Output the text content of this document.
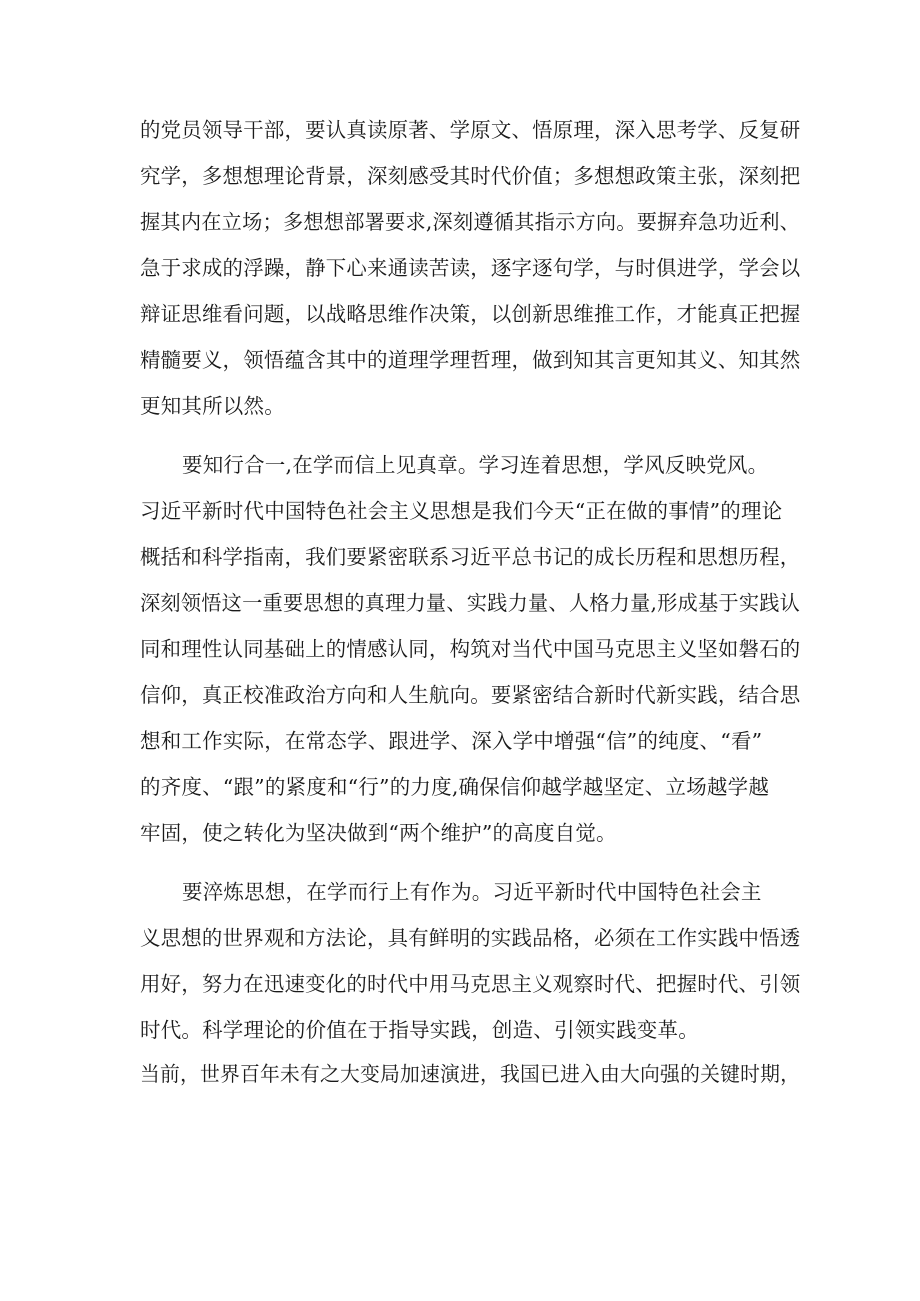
的党员领导干部，要认真读原著、学原文、悟原理，深入思考学、反复研
究学，多想想理论背景，深刻感受其时代价值；多想想政策主张，深刻把
握其内在立场；多想想部署要求,深刻遵循其指示方向。要摒弃急功近利、
急于求成的浮躁，静下心来通读苦读，逐字逐句学，与时俱进学，学会以
辩证思维看问题，以战略思维作决策，以创新思维推工作，才能真正把握
精髓要义，领悟蕴含其中的道理学理哲理，做到知其言更知其义、知其然
更知其所以然。
要知行合一,在学而信上见真章。学习连着思想，学风反映党风。
习近平新时代中国特色社会主义思想是我们今天“正在做的事情”的理论
概括和科学指南，我们要紧密联系习近平总书记的成长历程和思想历程，
深刻领悟这一重要思想的真理力量、实践力量、人格力量,形成基于实践认
同和理性认同基础上的情感认同，构筑对当代中国马克思主义坚如磐石的
信仰，真正校准政治方向和人生航向。要紧密结合新时代新实践，结合思
想和工作实际，在常态学、跟进学、深入学中增强“信”的纯度、“看”
的齐度、“跟”的紧度和“行”的力度,确保信仰越学越坚定、立场越学越
牢固，使之转化为坚决做到“两个维护”的高度自觉。
要淬炼思想，在学而行上有作为。习近平新时代中国特色社会主
义思想的世界观和方法论，具有鲜明的实践品格，必须在工作实践中悟透
用好，努力在迅速变化的时代中用马克思主义观察时代、把握时代、引领
时代。科学理论的价值在于指导实践，创造、引领实践变革。
当前，世界百年未有之大变局加速演进，我国已进入由大向强的关键时期，
